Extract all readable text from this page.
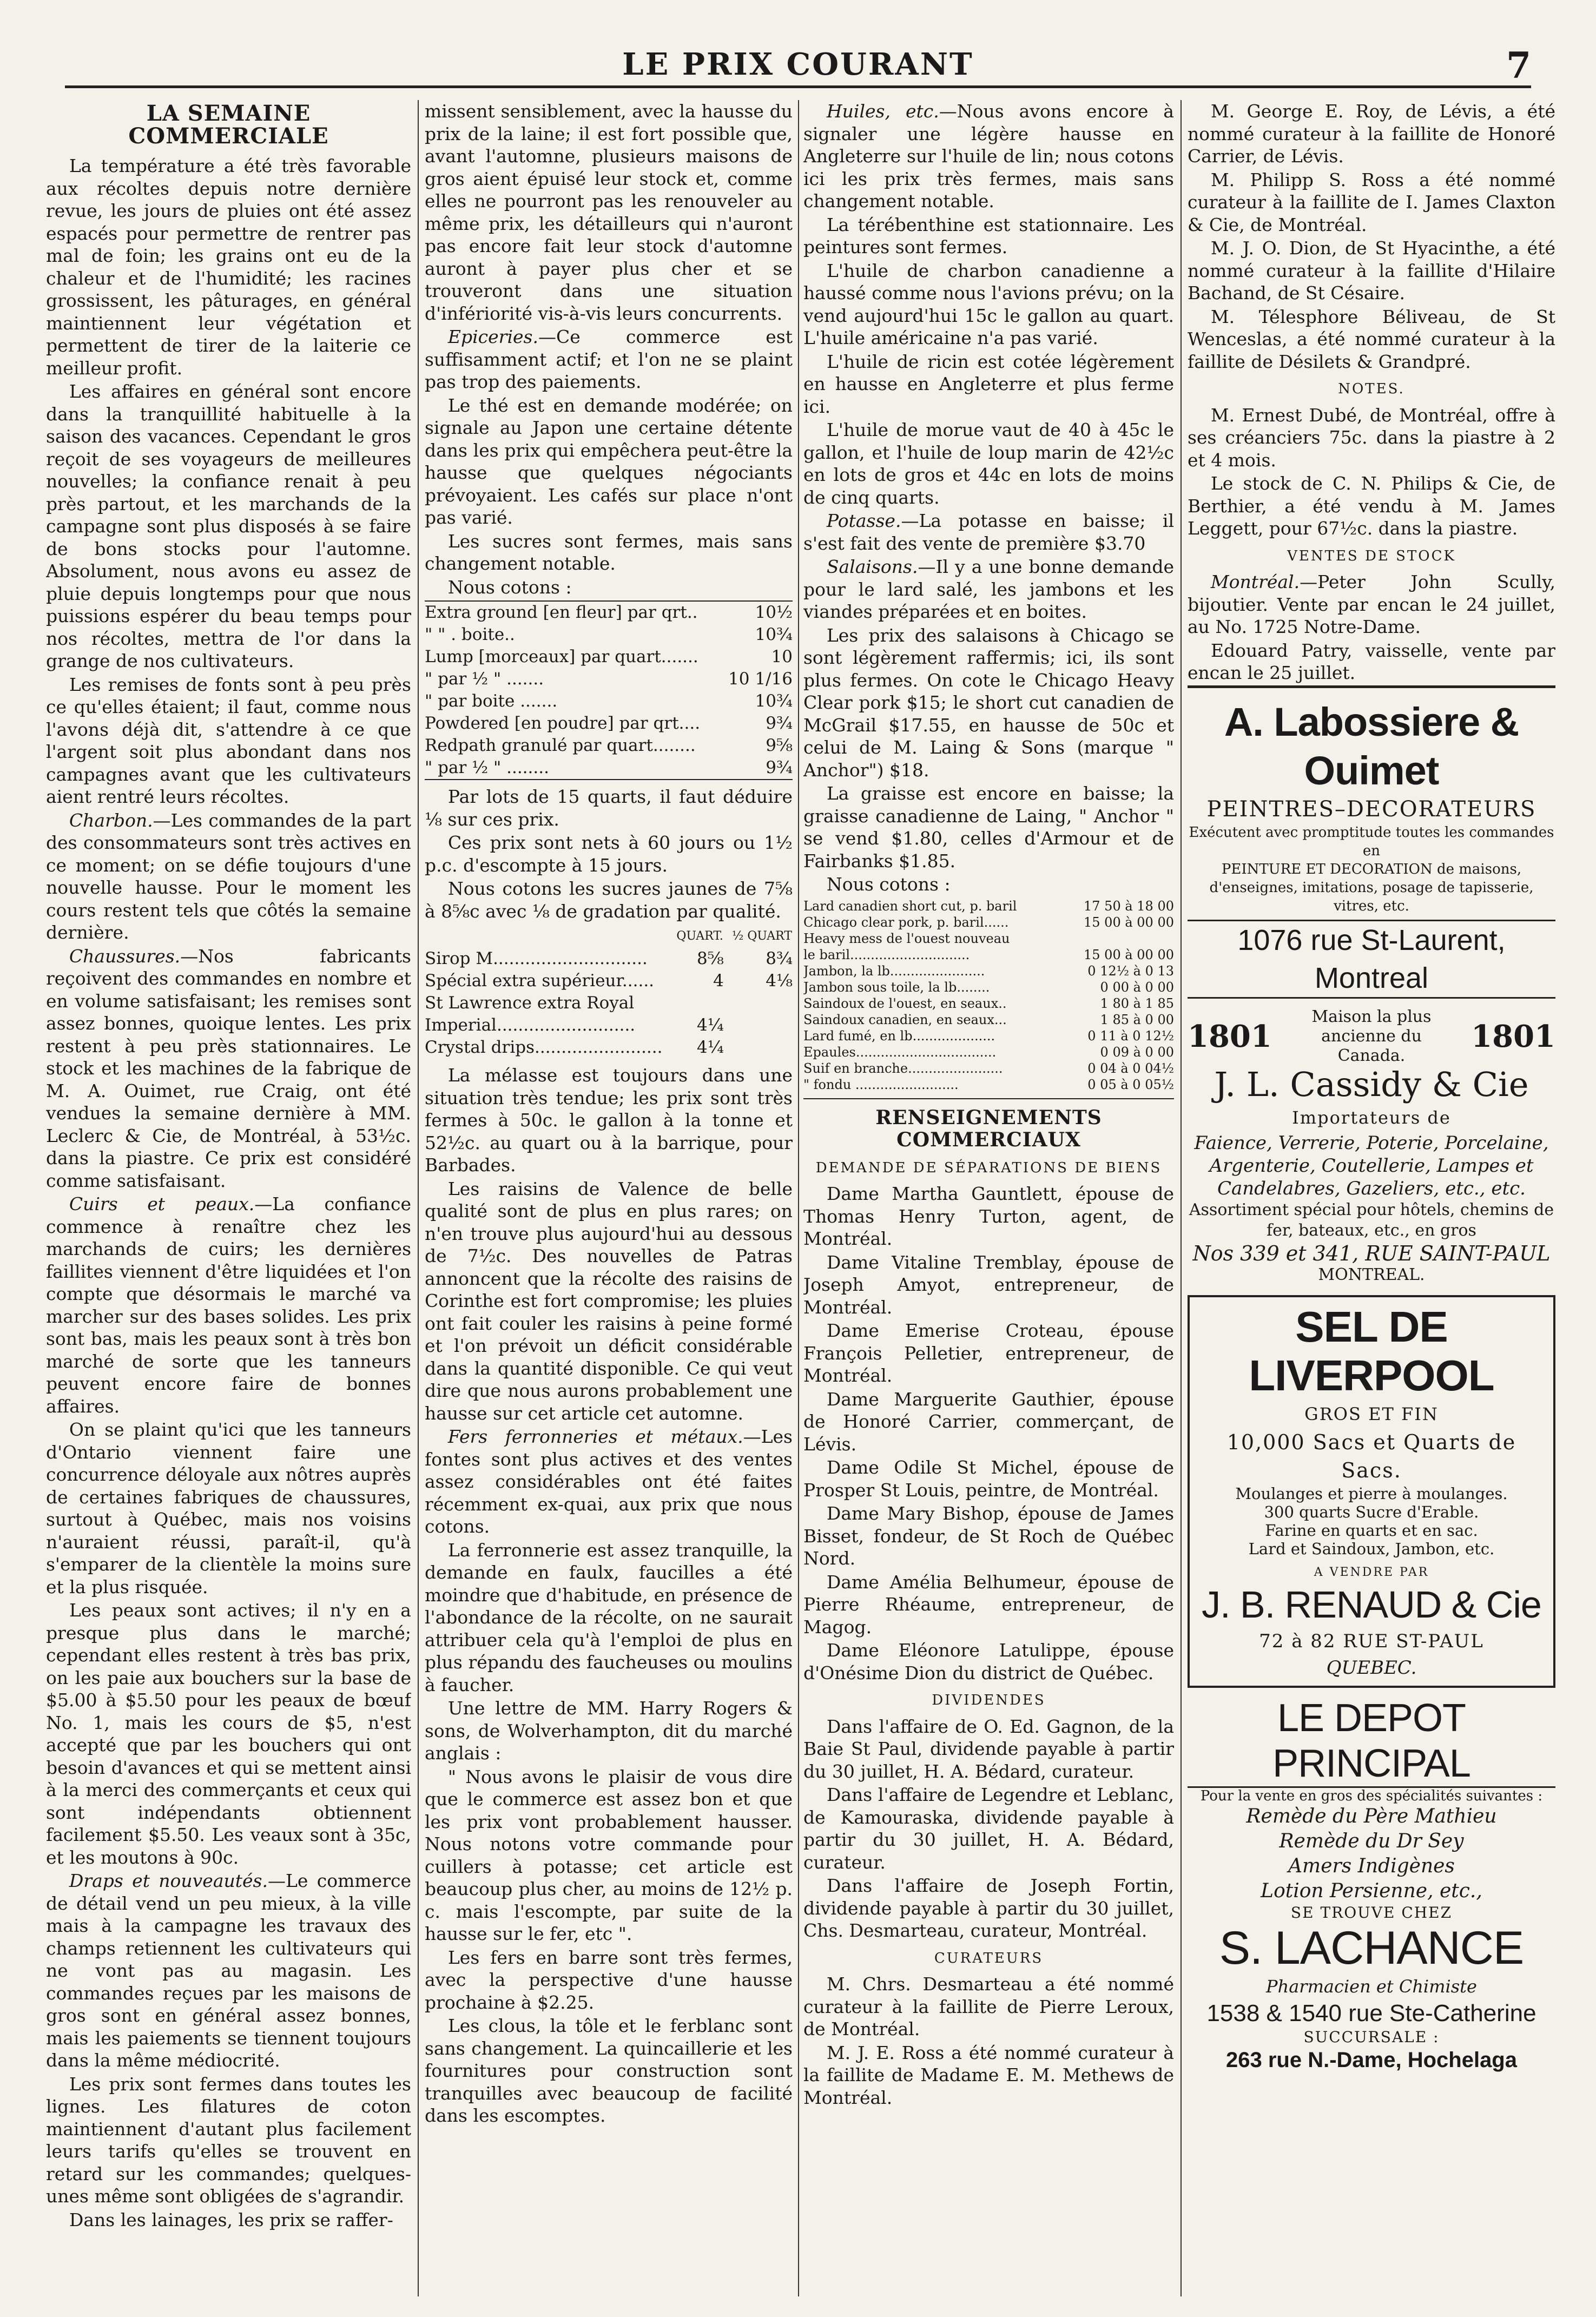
LE PRIX COURANT	7
LA SEMAINE COMMERCIALE

La température a été très favorable aux récoltes depuis notre dernière revue, les jours de pluies ont été assez espacés pour permettre de rentrer pas mal de foin; les grains ont eu de la chaleur et de l'humidité; les racines grossissent, les pâturages, en général maintiennent leur végétation et permettent de tirer de la laiterie ce meilleur profit.

Les affaires en général sont encore dans la tranquillité habituelle à la saison des vacances. Cependant le gros reçoit de ses voyageurs de meilleures nouvelles; la confiance renait à peu près partout, et les marchands de la campagne sont plus disposés à se faire de bons stocks pour l'automne. Absolument, nous avons eu assez de pluie depuis longtemps pour que nous puissions espérer du beau temps pour nos récoltes, mettra de l'or dans la grange de nos cultivateurs.

Les remises de fonts sont à peu près ce qu'elles étaient; il faut, comme nous l'avons déjà dit, s'attendre à ce que l'argent soit plus abondant dans nos campagnes avant que les cultivateurs aient rentré leurs récoltes.

Charbon.—Les commandes de la part des consommateurs sont très actives en ce moment; on se défie toujours d'une nouvelle hausse. Pour le moment les cours restent tels que côtés la semaine dernière.

Chaussures.—Nos fabricants reçoivent des commandes en nombre et en volume satisfaisant; les remises sont assez bonnes, quoique lentes. Les prix restent à peu près stationnaires. Le stock et les machines de la fabrique de M. A. Ouimet, rue Craig, ont été vendues la semaine dernière à MM. Leclerc & Cie, de Montréal, à 53½c. dans la piastre. Ce prix est considéré comme satisfaisant.

Cuirs et peaux.—La confiance commence à renaître chez les marchands de cuirs; les dernières faillites viennent d'être liquidées et l'on compte que désormais le marché va marcher sur des bases solides. Les prix sont bas, mais les peaux sont à très bon marché de sorte que les tanneurs peuvent encore faire de bonnes affaires.

On se plaint qu'ici que les tanneurs d'Ontario viennent faire une concurrence déloyale aux nôtres auprès de certaines fabriques de chaussures, surtout à Québec, mais nos voisins n'auraient réussi, paraît-il, qu'à s'emparer de la clientèle la moins sure et la plus risquée.

Les peaux sont actives; il n'y en a presque plus dans le marché; cependant elles restent à très bas prix, on les paie aux bouchers sur la base de $5.00 à $5.50 pour les peaux de bœuf No. 1, mais les cours de $5, n'est accepté que par les bouchers qui ont besoin d'avances et qui se mettent ainsi à la merci des commerçants et ceux qui sont indépendants obtiennent facilement $5.50. Les veaux sont à 35c, et les moutons à 90c.

Draps et nouveautés.—Le commerce de détail vend un peu mieux, à la ville mais à la campagne les travaux des champs retiennent les cultivateurs qui ne vont pas au magasin. Les commandes reçues par les maisons de gros sont en général assez bonnes, mais les paiements se tiennent toujours dans la même médiocrité.

Les prix sont fermes dans toutes les lignes. Les filatures de coton maintiennent d'autant plus facilement leurs tarifs qu'elles se trouvent en retard sur les commandes; quelques-unes même sont obligées de s'agrandir.

Dans les lainages, les prix se raffer-

missent sensiblement, avec la hausse du prix de la laine; il est fort possible que, avant l'automne, plusieurs maisons de gros aient épuisé leur stock et, comme elles ne pourront pas les renouveler au même prix, les détailleurs qui n'auront pas encore fait leur stock d'automne auront à payer plus cher et se trouveront dans une situation d'infériorité vis-à-vis leurs concurrents.

Epiceries.—Ce commerce est suffisamment actif; et l'on ne se plaint pas trop des paiements.

Le thé est en demande modérée; on signale au Japon une certaine détente dans les prix qui empêchera peut-être la hausse que quelques négociants prévoyaient. Les cafés sur place n'ont pas varié.

Les sucres sont fermes, mais sans changement notable.

Nous cotons :

Extra ground [en fleur] par qrt..	10½
" " . boite..	10¾
Lump [morceaux] par quart.......	10
" par ½ " .......	10 1/16
" par boite .......	10¾
Powdered [en poudre] par qrt....	9¾
Redpath granulé par quart........	9⅝
" par ½ " ........	9¾

Par lots de 15 quarts, il faut déduire ⅛ sur ces prix.

Ces prix sont nets à 60 jours ou 1½ p.c. d'escompte à 15 jours.

Nous cotons les sucres jaunes de 7⅝ à 8⅝c avec ⅛ de gradation par qualité.

	QUART.	½ QUART
Sirop M.............................	8⅝	8¾
Spécial extra supérieur......	4	4⅛
St Lawrence extra Royal		
Imperial..........................	4¼	
Crystal drips........................	4¼	

La mélasse est toujours dans une situation très tendue; les prix sont très fermes à 50c. le gallon à la tonne et 52½c. au quart ou à la barrique, pour Barbades.

Les raisins de Valence de belle qualité sont de plus en plus rares; on n'en trouve plus aujourd'hui au dessous de 7½c. Des nouvelles de Patras annoncent que la récolte des raisins de Corinthe est fort compromise; les pluies ont fait couler les raisins à peine formé et l'on prévoit un déficit considérable dans la quantité disponible. Ce qui veut dire que nous aurons probablement une hausse sur cet article cet automne.

Fers ferronneries et métaux.—Les fontes sont plus actives et des ventes assez considérables ont été faites récemment ex-quai, aux prix que nous cotons.

La ferronnerie est assez tranquille, la demande en faulx, faucilles a été moindre que d'habitude, en présence de l'abondance de la récolte, on ne saurait attribuer cela qu'à l'emploi de plus en plus répandu des faucheuses ou moulins à faucher.

Une lettre de MM. Harry Rogers & sons, de Wolverhampton, dit du marché anglais :

" Nous avons le plaisir de vous dire que le commerce est assez bon et que les prix vont probablement hausser. Nous notons votre commande pour cuillers à potasse; cet article est beaucoup plus cher, au moins de 12½ p. c. mais l'escompte, par suite de la hausse sur le fer, etc ".

Les fers en barre sont très fermes, avec la perspective d'une hausse prochaine à $2.25.

Les clous, la tôle et le ferblanc sont sans changement. La quincaillerie et les fournitures pour construction sont tranquilles avec beaucoup de facilité dans les escomptes.

Huiles, etc.—Nous avons encore à signaler une légère hausse en Angleterre sur l'huile de lin; nous cotons ici les prix très fermes, mais sans changement notable.

La térébenthine est stationnaire. Les peintures sont fermes.

L'huile de charbon canadienne a haussé comme nous l'avions prévu; on la vend aujourd'hui 15c le gallon au quart. L'huile américaine n'a pas varié.

L'huile de ricin est cotée légèrement en hausse en Angleterre et plus ferme ici.

L'huile de morue vaut de 40 à 45c le gallon, et l'huile de loup marin de 42½c en lots de gros et 44c en lots de moins de cinq quarts.

Potasse.—La potasse en baisse; il s'est fait des vente de première $3.70

Salaisons.—Il y a une bonne demande pour le lard salé, les jambons et les viandes préparées et en boites.

Les prix des salaisons à Chicago se sont légèrement raffermis; ici, ils sont plus fermes. On cote le Chicago Heavy Clear pork $15; le short cut canadien de McGrail $17.55, en hausse de 50c et celui de M. Laing & Sons (marque " Anchor") $18.

La graisse est encore en baisse; la graisse canadienne de Laing, " Anchor " se vend $1.80, celles d'Armour et de Fairbanks $1.85.

Nous cotons :

Lard canadien short cut, p. baril	17 50 à 18 00
Chicago clear pork, p. baril......	15 00 à 00 00
Heavy mess de l'ouest nouveau	
le baril.............................	15 00 à 00 00
Jambon, la lb.......................	0 12½ à 0 13
Jambon sous toile, la lb........	0 00 à 0 00
Saindoux de l'ouest, en seaux..	1 80 à 1 85
Saindoux canadien, en seaux...	1 85 à 0 00
Lard fumé, en lb....................	0 11 à 0 12½
Epaules..................................	0 09 à 0 00
Suif en branche.......................	0 04 à 0 04½
" fondu .........................	0 05 à 0 05½
RENSEIGNEMENTS COMMERCIAUX
DEMANDE DE SÉPARATIONS DE BIENS

Dame Martha Gauntlett, épouse de Thomas Henry Turton, agent, de Montréal.

Dame Vitaline Tremblay, épouse de Joseph Amyot, entrepreneur, de Montréal.

Dame Emerise Croteau, épouse François Pelletier, entrepreneur, de Montréal.

Dame Marguerite Gauthier, épouse de Honoré Carrier, commerçant, de Lévis.

Dame Odile St Michel, épouse de Prosper St Louis, peintre, de Montréal.

Dame Mary Bishop, épouse de James Bisset, fondeur, de St Roch de Québec Nord.

Dame Amélia Belhumeur, épouse de Pierre Rhéaume, entrepreneur, de Magog.

Dame Eléonore Latulippe, épouse d'Onésime Dion du district de Québec.

DIVIDENDES

Dans l'affaire de O. Ed. Gagnon, de la Baie St Paul, dividende payable à partir du 30 juillet, H. A. Bédard, curateur.

Dans l'affaire de Legendre et Leblanc, de Kamouraska, dividende payable à partir du 30 juillet, H. A. Bédard, curateur.

Dans l'affaire de Joseph Fortin, dividende payable à partir du 30 juillet, Chs. Desmarteau, curateur, Montréal.

CURATEURS

M. Chrs. Desmarteau a été nommé curateur à la faillite de Pierre Leroux, de Montréal.

M. J. E. Ross a été nommé curateur à la faillite de Madame E. M. Methews de Montréal.

M. George E. Roy, de Lévis, a été nommé curateur à la faillite de Honoré Carrier, de Lévis.

M. Philipp S. Ross a été nommé curateur à la faillite de I. James Claxton & Cie, de Montréal.

M. J. O. Dion, de St Hyacinthe, a été nommé curateur à la faillite d'Hilaire Bachand, de St Césaire.

M. Télesphore Béliveau, de St Wenceslas, a été nommé curateur à la faillite de Désilets & Grandpré.

NOTES.

M. Ernest Dubé, de Montréal, offre à ses créanciers 75c. dans la piastre à 2 et 4 mois.

Le stock de C. N. Philips & Cie, de Berthier, a été vendu à M. James Leggett, pour 67½c. dans la piastre.

VENTES DE STOCK

Montréal.—Peter John Scully, bijoutier. Vente par encan le 24 juillet, au No. 1725 Notre-Dame.

Edouard Patry, vaisselle, vente par encan le 25 juillet.

A. Labossiere & Ouimet
PEINTRES–DECORATEURS
Exécutent avec promptitude toutes les commandes en
PEINTURE ET DECORATION de maisons, d'enseignes, imitations, posage de tapisserie, vitres, etc.
1076 rue St-Laurent, Montreal
1801
Maison la plus ancienne du Canada.
1801
J. L. Cassidy & Cie
Importateurs de
Faience, Verrerie, Poterie, Porcelaine, Argenterie, Coutellerie, Lampes et Candelabres, Gazeliers, etc., etc.
Assortiment spécial pour hôtels, chemins de fer, bateaux, etc., en gros
Nos 339 et 341, RUE SAINT-PAUL
MONTREAL.
SEL DE LIVERPOOL
GROS ET FIN
10,000 Sacs et Quarts de Sacs.
Moulanges et pierre à moulanges.
300 quarts Sucre d'Erable.
Farine en quarts et en sac.
Lard et Saindoux, Jambon, etc.
A VENDRE PAR
J. B. RENAUD & Cie
72 à 82 RUE ST-PAUL
QUEBEC.
LE DEPOT PRINCIPAL
Pour la vente en gros des spécialités suivantes :
Remède du Père Mathieu
Remède du Dr Sey
Amers Indigènes
Lotion Persienne, etc.,
SE TROUVE CHEZ
S. LACHANCE
Pharmacien et Chimiste
1538 & 1540 rue Ste-Catherine
SUCCURSALE :
263 rue N.-Dame, Hochelaga
